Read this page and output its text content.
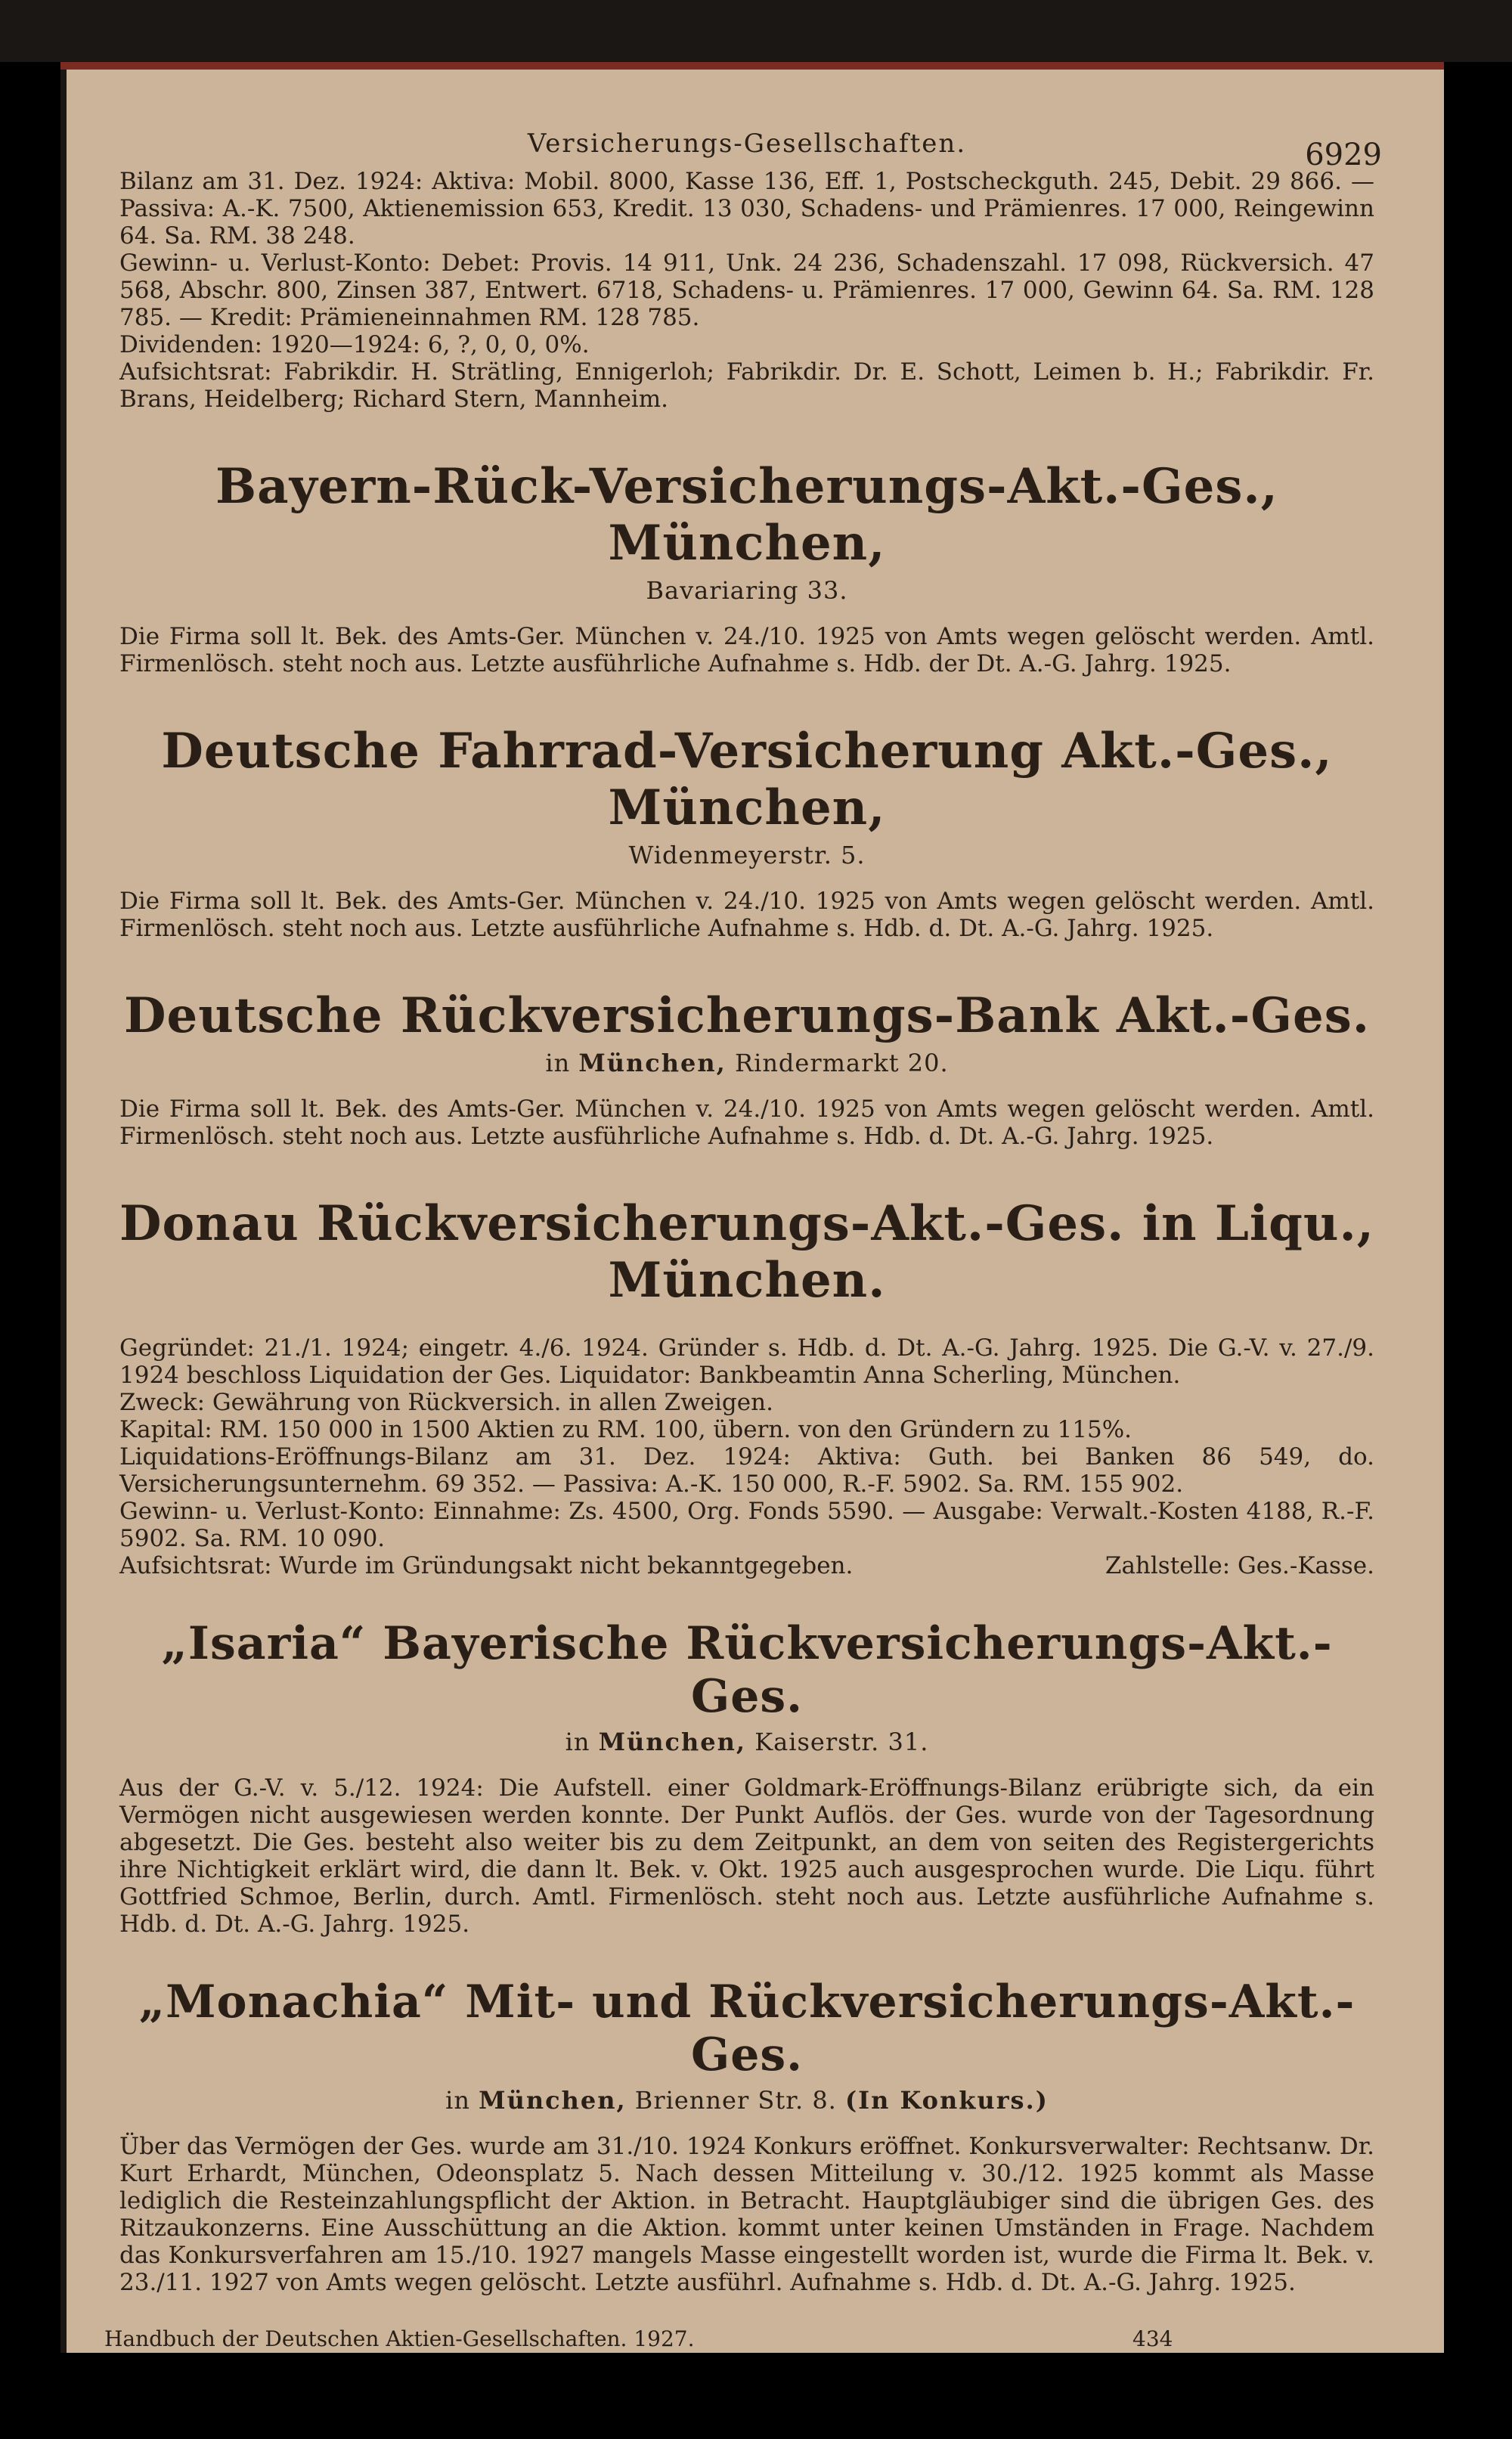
Versicherungs-Gesellschaften.	6929

Bilanz am 31. Dez. 1924: Aktiva: Mobil. 8000, Kasse 136, Eff. 1, Postscheckguth. 245, Debit. 29 866. — Passiva: A.-K. 7500, Aktienemission 653, Kredit. 13 030, Schadens- und Prämienres. 17 000, Reingewinn 64. Sa. RM. 38 248.

Gewinn- u. Verlust-Konto: Debet: Provis. 14 911, Unk. 24 236, Schadenszahl. 17 098, Rückversich. 47 568, Abschr. 800, Zinsen 387, Entwert. 6718, Schadens- u. Prämienres. 17 000, Gewinn 64. Sa. RM. 128 785. — Kredit: Prämieneinnahmen RM. 128 785.

Dividenden: 1920—1924: 6, ?, 0, 0, 0%.

Aufsichtsrat: Fabrikdir. H. Strätling, Ennigerloh; Fabrikdir. Dr. E. Schott, Leimen b. H.; Fabrikdir. Fr. Brans, Heidelberg; Richard Stern, Mannheim.

Bayern-Rück-Versicherungs-Akt.-Ges., München,
Bavariaring 33.

Die Firma soll lt. Bek. des Amts-Ger. München v. 24./10. 1925 von Amts wegen gelöscht werden. Amtl. Firmenlösch. steht noch aus. Letzte ausführliche Aufnahme s. Hdb. der Dt. A.-G. Jahrg. 1925.

Deutsche Fahrrad-Versicherung Akt.-Ges., München,
Widenmeyerstr. 5.

Die Firma soll lt. Bek. des Amts-Ger. München v. 24./10. 1925 von Amts wegen gelöscht werden. Amtl. Firmenlösch. steht noch aus. Letzte ausführliche Aufnahme s. Hdb. d. Dt. A.-G. Jahrg. 1925.

Deutsche Rückversicherungs-Bank Akt.-Ges.
in München, Rindermarkt 20.

Die Firma soll lt. Bek. des Amts-Ger. München v. 24./10. 1925 von Amts wegen gelöscht werden. Amtl. Firmenlösch. steht noch aus. Letzte ausführliche Aufnahme s. Hdb. d. Dt. A.-G. Jahrg. 1925.

Donau Rückversicherungs-Akt.-Ges. in Liqu., München.

Gegründet: 21./1. 1924; eingetr. 4./6. 1924. Gründer s. Hdb. d. Dt. A.-G. Jahrg. 1925. Die G.-V. v. 27./9. 1924 beschloss Liquidation der Ges. Liquidator: Bankbeamtin Anna Scherling, München.

Zweck: Gewährung von Rückversich. in allen Zweigen.

Kapital: RM. 150 000 in 1500 Aktien zu RM. 100, übern. von den Gründern zu 115%.

Liquidations-Eröffnungs-Bilanz am 31. Dez. 1924: Aktiva: Guth. bei Banken 86 549, do. Versicherungsunternehm. 69 352. — Passiva: A.-K. 150 000, R.-F. 5902. Sa. RM. 155 902.

Gewinn- u. Verlust-Konto: Einnahme: Zs. 4500, Org. Fonds 5590. — Ausgabe: Verwalt.-Kosten 4188, R.-F. 5902. Sa. RM. 10 090.

Aufsichtsrat: Wurde im Gründungsakt nicht bekanntgegeben.	Zahlstelle: Ges.-Kasse.

„Isaria“ Bayerische Rückversicherungs-Akt.-Ges.
in München, Kaiserstr. 31.

Aus der G.-V. v. 5./12. 1924: Die Aufstell. einer Goldmark-Eröffnungs-Bilanz erübrigte sich, da ein Vermögen nicht ausgewiesen werden konnte. Der Punkt Auflös. der Ges. wurde von der Tagesordnung abgesetzt. Die Ges. besteht also weiter bis zu dem Zeitpunkt, an dem von seiten des Registergerichts ihre Nichtigkeit erklärt wird, die dann lt. Bek. v. Okt. 1925 auch ausgesprochen wurde. Die Liqu. führt Gottfried Schmoe, Berlin, durch. Amtl. Firmenlösch. steht noch aus. Letzte ausführliche Aufnahme s. Hdb. d. Dt. A.-G. Jahrg. 1925.

„Monachia“ Mit- und Rückversicherungs-Akt.-Ges.
in München, Brienner Str. 8. (In Konkurs.)

Über das Vermögen der Ges. wurde am 31./10. 1924 Konkurs eröffnet. Konkursverwalter: Rechtsanw. Dr. Kurt Erhardt, München, Odeonsplatz 5. Nach dessen Mitteilung v. 30./12. 1925 kommt als Masse lediglich die Resteinzahlungspflicht der Aktion. in Betracht. Hauptgläubiger sind die übrigen Ges. des Ritzaukonzerns. Eine Ausschüttung an die Aktion. kommt unter keinen Umständen in Frage. Nachdem das Konkursverfahren am 15./10. 1927 mangels Masse eingestellt worden ist, wurde die Firma lt. Bek. v. 23./11. 1927 von Amts wegen gelöscht. Letzte ausführl. Aufnahme s. Hdb. d. Dt. A.-G. Jahrg. 1925.

Handbuch der Deutschen Aktien-Gesellschaften. 1927.	434
